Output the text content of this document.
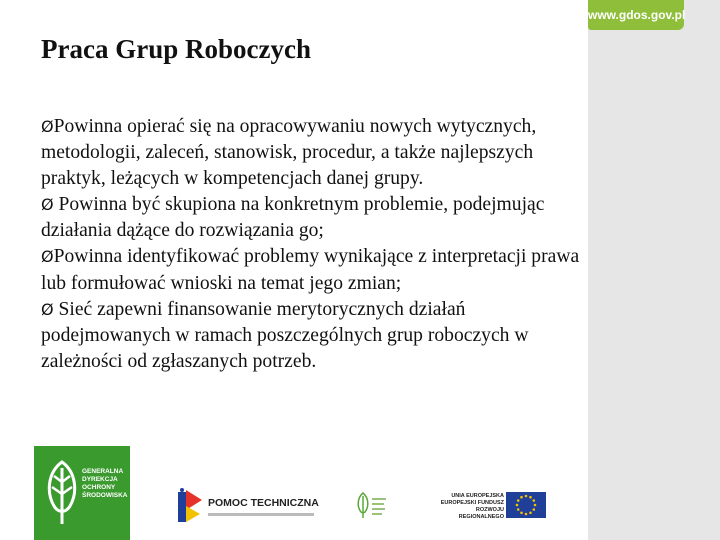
www.gdos.gov.pl
Praca Grup Roboczych

ØPowinna opierać się na opracowywaniu nowych wytycznych, metodologii, zaleceń, stanowisk, procedur, a także najlepszych praktyk, leżących w kompetencjach danej grupy.

Ø Powinna być skupiona na konkretnym problemie, podejmując działania dążące do rozwiązania go;

ØPowinna identyfikować problemy wynikające z interpretacji prawa lub formułować wnioski na temat jego zmian;

Ø Sieć zapewni finansowanie merytorycznych działań podejmowanych w ramach poszczególnych grup roboczych w zależności od zgłaszanych potrzeb.

GENERALNA
DYREKCJA
OCHRONY
ŚRODOWISKA
POMOC TECHNICZNA
UNIA EUROPEJSKA
EUROPEJSKI FUNDUSZ
ROZWOJU REGIONALNEGO
